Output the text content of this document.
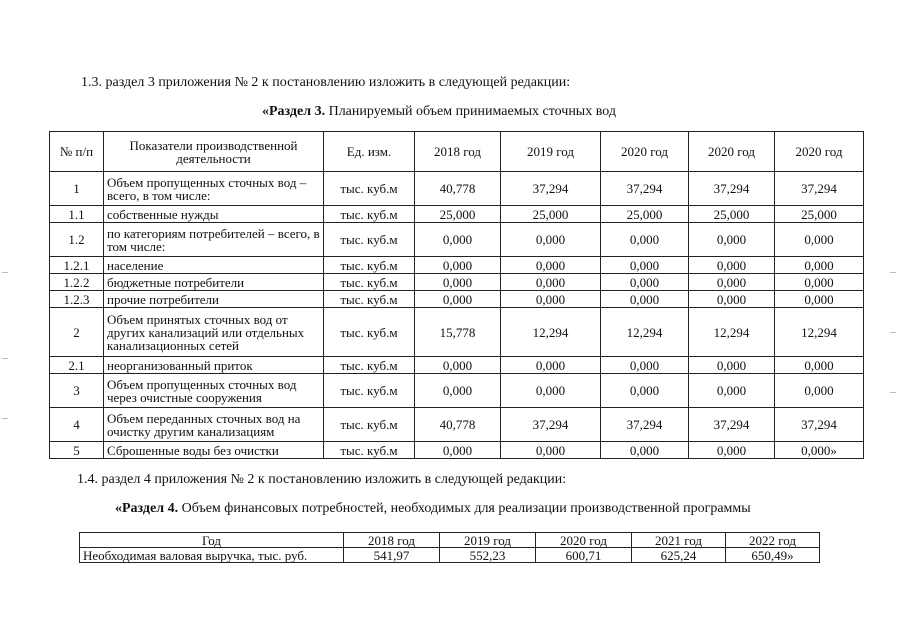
1.3. раздел 3 приложения № 2 к постановлению изложить в следующей редакции:
«Раздел 3. Планируемый объем принимаемых сточных вод
№ п/п	Показатели производственной деятельности	Ед. изм.	2018 год	2019 год	2020 год	2020 год	2020 год
1	Объем пропущенных сточных вод – всего, в том числе:	тыс. куб.м	40,778	37,294	37,294	37,294	37,294
1.1	собственные нужды	тыс. куб.м	25,000	25,000	25,000	25,000	25,000
1.2	по категориям потребителей – всего, в том числе:	тыс. куб.м	0,000	0,000	0,000	0,000	0,000
1.2.1	население	тыс. куб.м	0,000	0,000	0,000	0,000	0,000
1.2.2	бюджетные потребители	тыс. куб.м	0,000	0,000	0,000	0,000	0,000
1.2.3	прочие потребители	тыс. куб.м	0,000	0,000	0,000	0,000	0,000
2	Объем принятых сточных вод от других канализаций или отдельных канализационных сетей	тыс. куб.м	15,778	12,294	12,294	12,294	12,294
2.1	неорганизованный приток	тыс. куб.м	0,000	0,000	0,000	0,000	0,000
3	Объем пропущенных сточных вод через очистные сооружения	тыс. куб.м	0,000	0,000	0,000	0,000	0,000
4	Объем переданных сточных вод на очистку другим канализациям	тыс. куб.м	40,778	37,294	37,294	37,294	37,294
5	Сброшенные воды без очистки	тыс. куб.м	0,000	0,000	0,000	0,000	0,000»
1.4. раздел 4 приложения № 2 к постановлению изложить в следующей редакции:
«Раздел 4. Объем финансовых потребностей, необходимых для реализации производственной программы
Год	2018 год	2019 год	2020 год	2021 год	2022 год
Необходимая валовая выручка, тыс. руб.	541,97	552,23	600,71	625,24	650,49»
